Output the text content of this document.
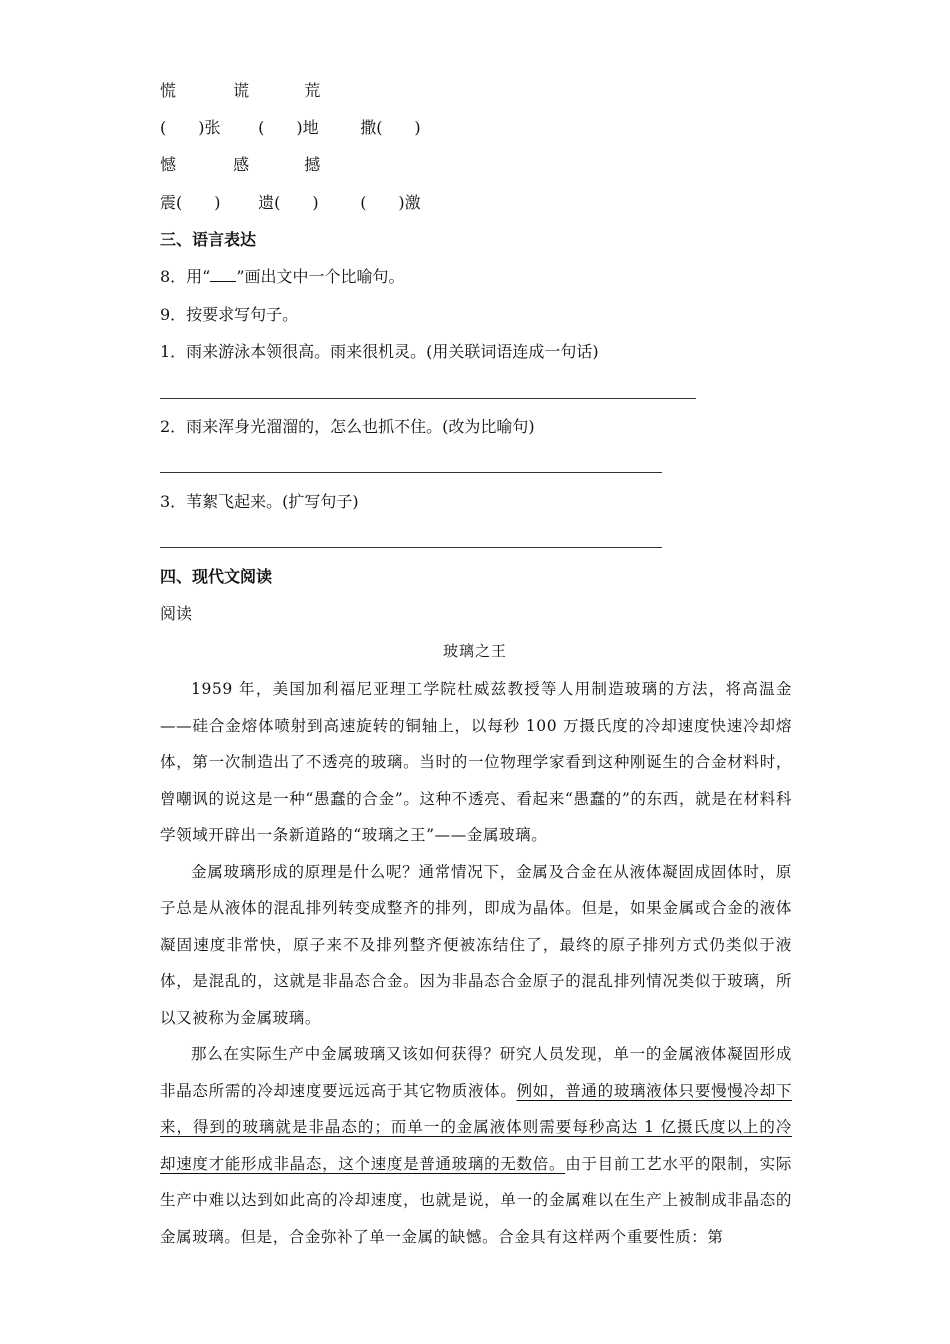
慌	谎	荒
(  )张 (  )地	撒(  )
憾	感	撼
震(  ) 遗(  )	(  )激
三、语言表达
8．用“ ”画出文中一个比喻句。
9．按要求写句子。
1．雨来游泳本领很高。雨来很机灵。(用关联词语连成一句话)
2．雨来浑身光溜溜的，怎么也抓不住。(改为比喻句)
3．苇絮飞起来。(扩写句子)
四、现代文阅读
阅读
玻璃之王

1959 年，美国加利福尼亚理工学院杜威兹教授等人用制造玻璃的方法，将高温金——硅合金熔体喷射到高速旋转的铜轴上，以每秒 100 万摄氏度的冷却速度快速冷却熔体，第一次制造出了不透亮的玻璃。当时的一位物理学家看到这种刚诞生的合金材料时，曾嘲讽的说这是一种“愚蠢的合金”。这种不透亮、看起来“愚蠢的”的东西，就是在材料科学领域开辟出一条新道路的“玻璃之王”——金属玻璃。

金属玻璃形成的原理是什么呢？通常情况下，金属及合金在从液体凝固成固体时，原子总是从液体的混乱排列转变成整齐的排列，即成为晶体。但是，如果金属或合金的液体凝固速度非常快，原子来不及排列整齐便被冻结住了，最终的原子排列方式仍类似于液体，是混乱的，这就是非晶态合金。因为非晶态合金原子的混乱排列情况类似于玻璃，所以又被称为金属玻璃。

那么在实际生产中金属玻璃又该如何获得？研究人员发现，单一的金属液体凝固形成非晶态所需的冷却速度要远远高于其它物质液体。例如，普通的玻璃液体只要慢慢冷却下来，得到的玻璃就是非晶态的；而单一的金属液体则需要每秒高达 1 亿摄氏度以上的冷却速度才能形成非晶态，这个速度是普通玻璃的无数倍。由于目前工艺水平的限制，实际生产中难以达到如此高的冷却速度，也就是说，单一的金属难以在生产上被制成非晶态的金属玻璃。但是，合金弥补了单一金属的缺憾。合金具有这样两个重要性质：第
